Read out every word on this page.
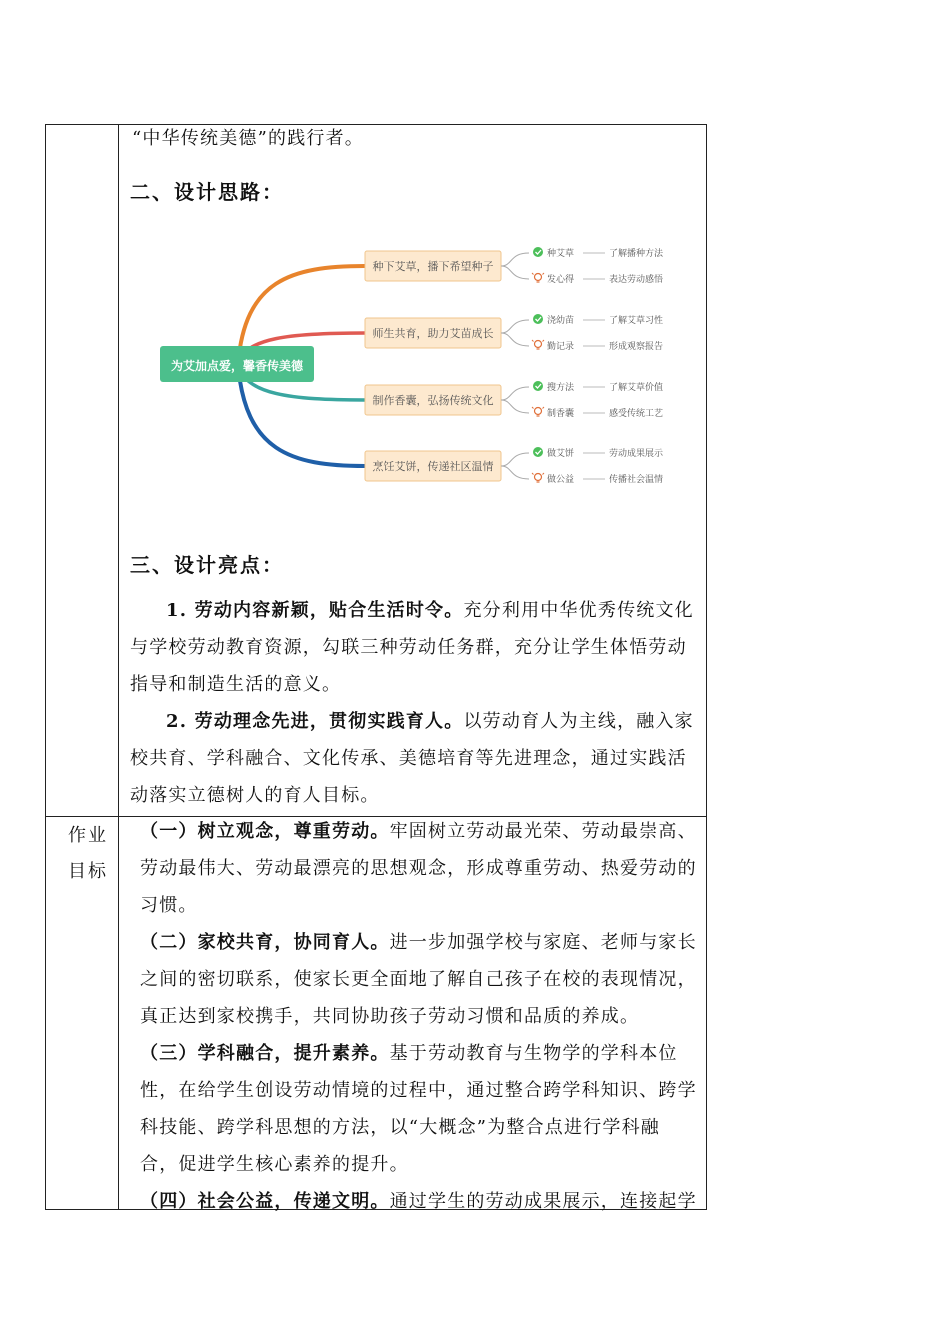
“中华传统美德”的践行者。
二、设计思路：
种下艾草，播下希望种子
种艾草	了解播种方法
发心得	表达劳动感悟
师生共育，助力艾苗成长
浇幼苗	了解艾草习性
勤记录	形成观察报告
制作香囊，弘扬传统文化
搜方法	了解艾草价值
制香囊	感受传统工艺
烹饪艾饼，传递社区温情
做艾饼	劳动成果展示
做公益	传播社会温情
为艾加点爱，馨香传美德
三、设计亮点：
1. 劳动内容新颖，贴合生活时令。充分利用中华优秀传统文化
与学校劳动教育资源，勾联三种劳动任务群，充分让学生体悟劳动
指导和制造生活的意义。
2. 劳动理念先进，贯彻实践育人。以劳动育人为主线，融入家
校共育、学科融合、文化传承、美德培育等先进理念，通过实践活
动落实立德树人的育人目标。
作业
目标
（一）树立观念，尊重劳动。牢固树立劳动最光荣、劳动最崇高、
劳动最伟大、劳动最漂亮的思想观念，形成尊重劳动、热爱劳动的
习惯。
（二）家校共育，协同育人。进一步加强学校与家庭、老师与家长
之间的密切联系，使家长更全面地了解自己孩子在校的表现情况，
真正达到家校携手，共同协助孩子劳动习惯和品质的养成。
（三）学科融合，提升素养。基于劳动教育与生物学的学科本位
性，在给学生创设劳动情境的过程中，通过整合跨学科知识、跨学
科技能、跨学科思想的方法，以“大概念”为整合点进行学科融
合，促进学生核心素养的提升。
（四）社会公益，传递文明。通过学生的劳动成果展示，连接起学
